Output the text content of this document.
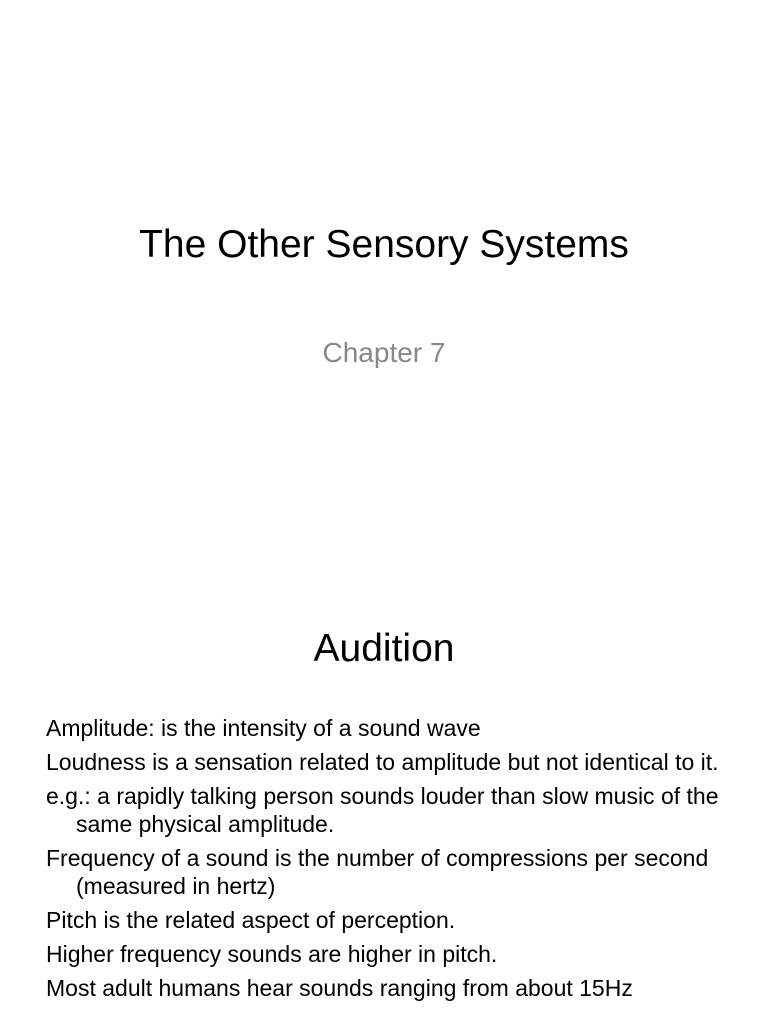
The Other Sensory Systems
Chapter 7
Audition
Amplitude: is the intensity of a sound wave
Loudness is a sensation related to amplitude but not identical to it.
e.g.: a rapidly talking person sounds louder than slow music of the same physical amplitude.
Frequency of a sound is the number of compressions per second (measured in hertz)
Pitch is the related aspect of perception.
Higher frequency sounds are higher in pitch.
Most adult humans hear sounds ranging from about 15Hz
